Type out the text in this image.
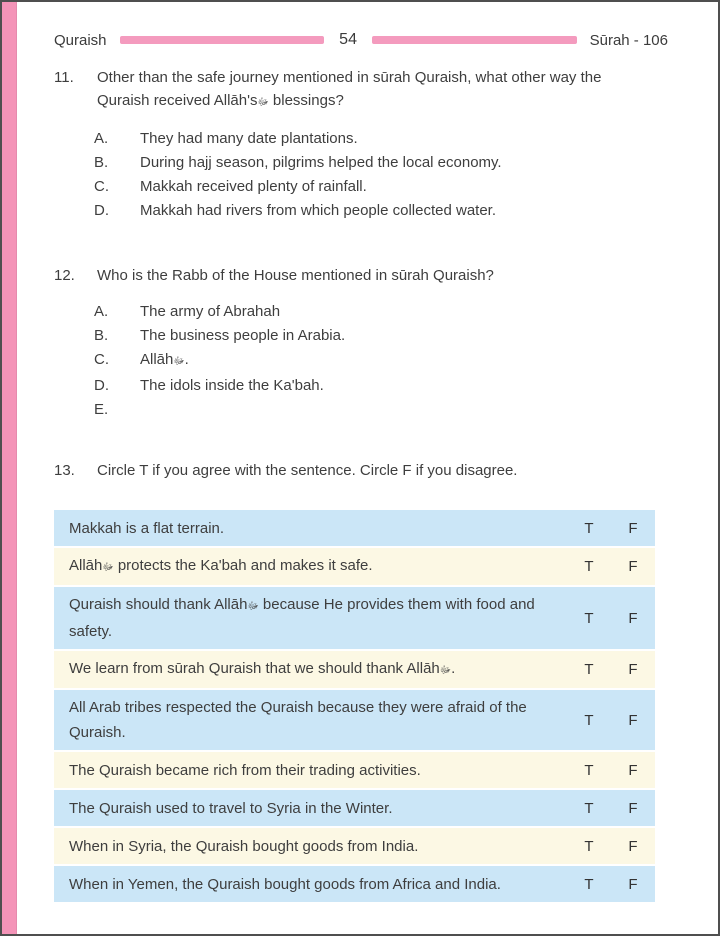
Quraish	54	Sūrah - 106
11.	Other than the safe journey mentioned in sūrah Quraish, what other way the Quraish received Allāh'sﷻ blessings?
A.	They had many date plantations.
B.	During hajj season, pilgrims helped the local economy.
C.	Makkah received plenty of rainfall.
D.	Makkah had rivers from which people collected water.
12.	Who is the Rabb of the House mentioned in sūrah Quraish?
A.	The army of Abrahah
B.	The business people in Arabia.
C.	Allāhﷻ.
D.	The idols inside the Ka'bah.
E.
13.	Circle T if you agree with the sentence. Circle F if you disagree.
Makkah is a flat terrain.	T	F
Allāhﷻ protects the Ka'bah and makes it safe.	T	F
Quraish should thank Allāhﷻ because He provides them with food and safety.
T	F
We learn from sūrah Quraish that we should thank Allāhﷻ.	T	F
All Arab tribes respected the Quraish because they were afraid of the Quraish.
T	F
The Quraish became rich from their trading activities.	T	F
The Quraish used to travel to Syria in the Winter.	T	F
When in Syria, the Quraish bought goods from India.	T	F
When in Yemen, the Quraish bought goods from Africa and India.	T	F
